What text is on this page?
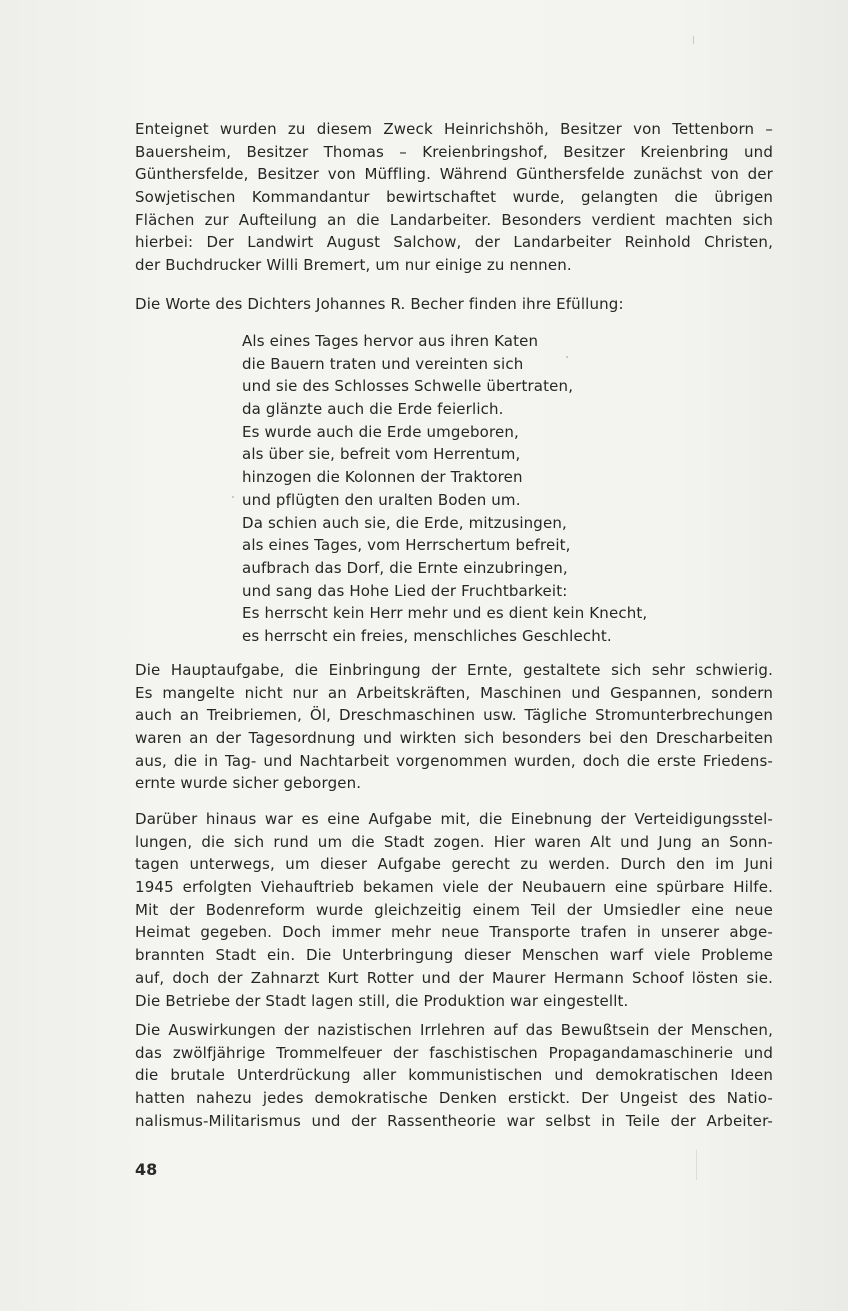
Enteignet wurden zu diesem Zweck Heinrichshöh, Besitzer von Tettenborn –
Bauersheim, Besitzer Thomas – Kreienbringshof, Besitzer Kreienbring und
Günthersfelde, Besitzer von Müffling. Während Günthersfelde zunächst von der
Sowjetischen Kommandantur bewirtschaftet wurde, gelangten die übrigen
Flächen zur Aufteilung an die Landarbeiter. Besonders verdient machten sich
hierbei: Der Landwirt August Salchow, der Landarbeiter Reinhold Christen,
der Buchdrucker Willi Bremert, um nur einige zu nennen.
Die Worte des Dichters Johannes R. Becher finden ihre Efüllung:
Als eines Tages hervor aus ihren Katen
die Bauern traten und vereinten sich
und sie des Schlosses Schwelle übertraten,
da glänzte auch die Erde feierlich.
Es wurde auch die Erde umgeboren,
als über sie, befreit vom Herrentum,
hinzogen die Kolonnen der Traktoren
und pflügten den uralten Boden um.
Da schien auch sie, die Erde, mitzusingen,
als eines Tages, vom Herrschertum befreit,
aufbrach das Dorf, die Ernte einzubringen,
und sang das Hohe Lied der Fruchtbarkeit:
Es herrscht kein Herr mehr und es dient kein Knecht,
es herrscht ein freies, menschliches Geschlecht.
Die Hauptaufgabe, die Einbringung der Ernte, gestaltete sich sehr schwierig.
Es mangelte nicht nur an Arbeitskräften, Maschinen und Gespannen, sondern
auch an Treibriemen, Öl, Dreschmaschinen usw. Tägliche Stromunterbrechungen
waren an der Tagesordnung und wirkten sich besonders bei den Drescharbeiten
aus, die in Tag- und Nachtarbeit vorgenommen wurden, doch die erste Friedens-
ernte wurde sicher geborgen.
Darüber hinaus war es eine Aufgabe mit, die Einebnung der Verteidigungsstel-
lungen, die sich rund um die Stadt zogen. Hier waren Alt und Jung an Sonn-
tagen unterwegs, um dieser Aufgabe gerecht zu werden. Durch den im Juni
1945 erfolgten Viehauftrieb bekamen viele der Neubauern eine spürbare Hilfe.
Mit der Bodenreform wurde gleichzeitig einem Teil der Umsiedler eine neue
Heimat gegeben. Doch immer mehr neue Transporte trafen in unserer abge-
brannten Stadt ein. Die Unterbringung dieser Menschen warf viele Probleme
auf, doch der Zahnarzt Kurt Rotter und der Maurer Hermann Schoof lösten sie.
Die Betriebe der Stadt lagen still, die Produktion war eingestellt.
Die Auswirkungen der nazistischen Irrlehren auf das Bewußtsein der Menschen,
das zwölfjährige Trommelfeuer der faschistischen Propagandamaschinerie und
die brutale Unterdrückung aller kommunistischen und demokratischen Ideen
hatten nahezu jedes demokratische Denken erstickt. Der Ungeist des Natio-
nalismus-Militarismus und der Rassentheorie war selbst in Teile der Arbeiter-
48
